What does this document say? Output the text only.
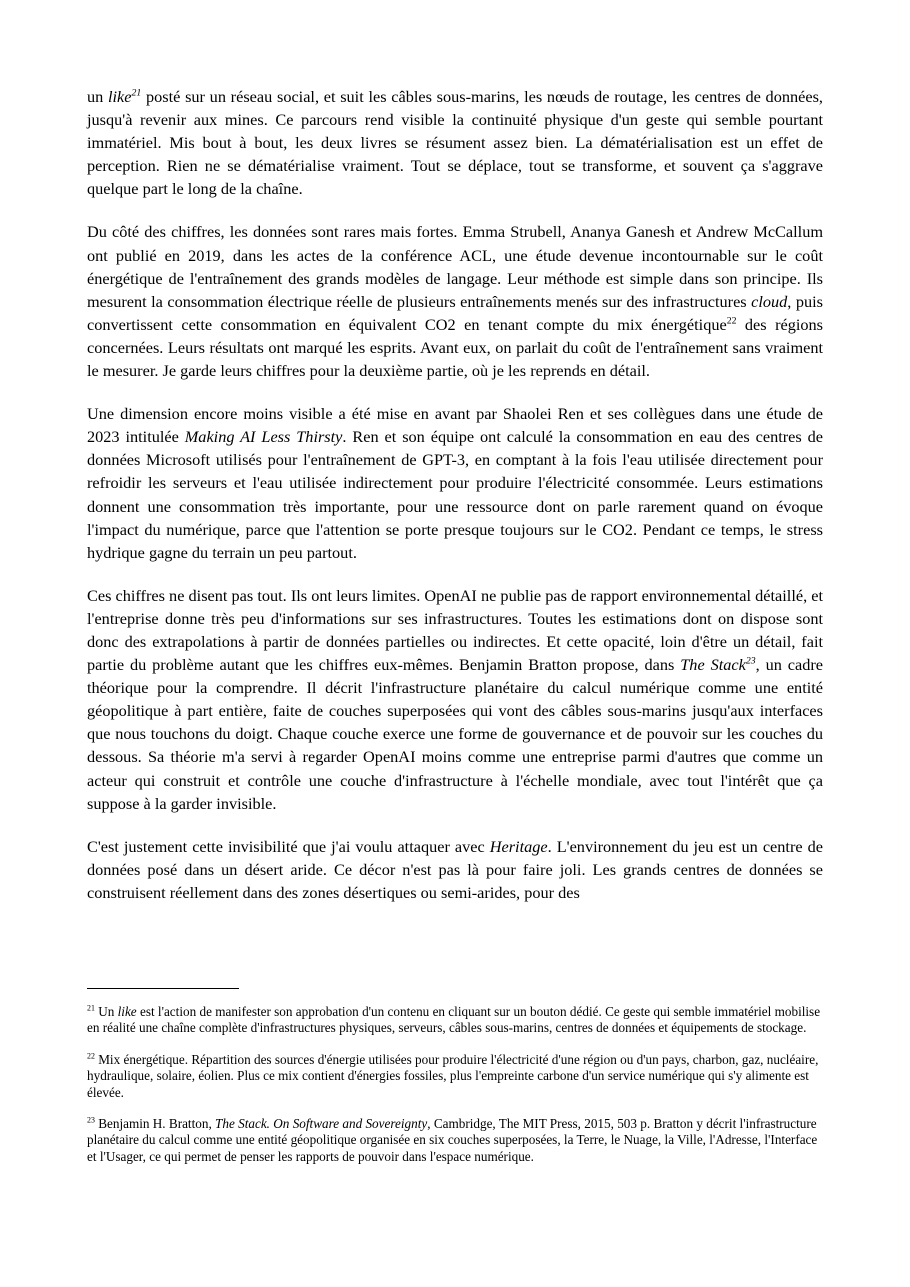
un like$^{21}$ posté sur un réseau social, et suit les câbles sous-marins, les nœuds de routage, les centres de données, jusqu'à revenir aux mines. Ce parcours rend visible la continuité physique d'un geste qui semble pourtant immatériel. Mis bout à bout, les deux livres se résument assez bien. La dématérialisation est un effet de perception. Rien ne se dématérialise vraiment. Tout se déplace, tout se transforme, et souvent ça s'aggrave quelque part le long de la chaîne.

Du côté des chiffres, les données sont rares mais fortes. Emma Strubell, Ananya Ganesh et Andrew McCallum ont publié en 2019, dans les actes de la conférence ACL, une étude devenue incontournable sur le coût énergétique de l'entraînement des grands modèles de langage. Leur méthode est simple dans son principe. Ils mesurent la consommation électrique réelle de plusieurs entraînements menés sur des infrastructures cloud, puis convertissent cette consommation en équivalent CO2 en tenant compte du mix énergétique$^{22}$ des régions concernées. Leurs résultats ont marqué les esprits. Avant eux, on parlait du coût de l'entraînement sans vraiment le mesurer. Je garde leurs chiffres pour la deuxième partie, où je les reprends en détail.

Une dimension encore moins visible a été mise en avant par Shaolei Ren et ses collègues dans une étude de 2023 intitulée Making AI Less Thirsty. Ren et son équipe ont calculé la consommation en eau des centres de données Microsoft utilisés pour l'entraînement de GPT-3, en comptant à la fois l'eau utilisée directement pour refroidir les serveurs et l'eau utilisée indirectement pour produire l'électricité consommée. Leurs estimations donnent une consommation très importante, pour une ressource dont on parle rarement quand on évoque l'impact du numérique, parce que l'attention se porte presque toujours sur le CO2. Pendant ce temps, le stress hydrique gagne du terrain un peu partout.

Ces chiffres ne disent pas tout. Ils ont leurs limites. OpenAI ne publie pas de rapport environnemental détaillé, et l'entreprise donne très peu d'informations sur ses infrastructures. Toutes les estimations dont on dispose sont donc des extrapolations à partir de données partielles ou indirectes. Et cette opacité, loin d'être un détail, fait partie du problème autant que les chiffres eux-mêmes. Benjamin Bratton propose, dans The Stack$^{23}$, un cadre théorique pour la comprendre. Il décrit l'infrastructure planétaire du calcul numérique comme une entité géopolitique à part entière, faite de couches superposées qui vont des câbles sous-marins jusqu'aux interfaces que nous touchons du doigt. Chaque couche exerce une forme de gouvernance et de pouvoir sur les couches du dessous. Sa théorie m'a servi à regarder OpenAI moins comme une entreprise parmi d'autres que comme un acteur qui construit et contrôle une couche d'infrastructure à l'échelle mondiale, avec tout l'intérêt que ça suppose à la garder invisible.

C'est justement cette invisibilité que j'ai voulu attaquer avec Heritage. L'environnement du jeu est un centre de données posé dans un désert aride. Ce décor n'est pas là pour faire joli. Les grands centres de données se construisent réellement dans des zones désertiques ou semi-arides, pour des

$^{21}$ Un like est l'action de manifester son approbation d'un contenu en cliquant sur un bouton dédié. Ce geste qui semble immatériel mobilise en réalité une chaîne complète d'infrastructures physiques, serveurs, câbles sous-marins, centres de données et équipements de stockage.

$^{22}$ Mix énergétique. Répartition des sources d'énergie utilisées pour produire l'électricité d'une région ou d'un pays, charbon, gaz, nucléaire, hydraulique, solaire, éolien. Plus ce mix contient d'énergies fossiles, plus l'empreinte carbone d'un service numérique qui s'y alimente est élevée.

$^{23}$ Benjamin H. Bratton, The Stack. On Software and Sovereignty, Cambridge, The MIT Press, 2015, 503 p. Bratton y décrit l'infrastructure planétaire du calcul comme une entité géopolitique organisée en six couches superposées, la Terre, le Nuage, la Ville, l'Adresse, l'Interface et l'Usager, ce qui permet de penser les rapports de pouvoir dans l'espace numérique.
